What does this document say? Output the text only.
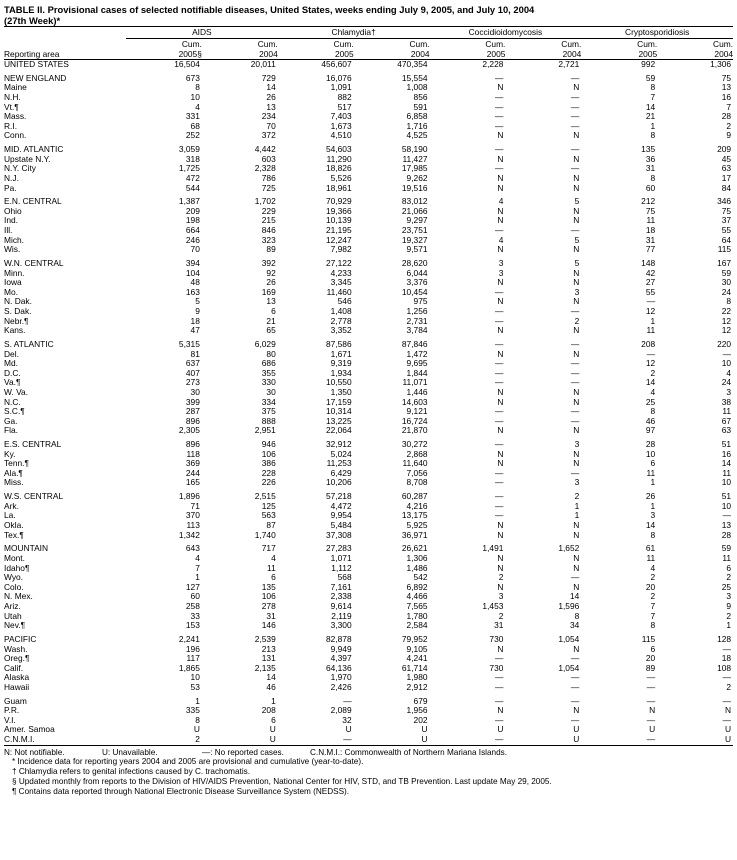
TABLE II. Provisional cases of selected notifiable diseases, United States, weeks ending July 9, 2005, and July 10, 2004
(27th Week)*
	AIDS		Chlamydia†		Coccidioidomycosis		Cryptosporidiosis	
	Cum.	Cum.	Cum.	Cum.	Cum.	Cum.	Cum.	Cum.
Reporting area	2005§	2004	2005	2004	2005	2004	2005	2004
UNITED STATES	16,504	20,011	456,607	470,354	2,228	2,721	992	1,306

NEW ENGLAND	673	729	16,076	15,554	—	—	59	75
Maine	8	14	1,091	1,008	N	N	8	13
N.H.	10	26	882	856	—	—	7	16
Vt.¶	4	13	517	591	—	—	14	7
Mass.	331	234	7,403	6,858	—	—	21	28
R.I.	68	70	1,673	1,716	—	—	1	2
Conn.	252	372	4,510	4,525	N	N	8	9

MID. ATLANTIC	3,059	4,442	54,603	58,190	—	—	135	209
Upstate N.Y.	318	603	11,290	11,427	N	N	36	45
N.Y. City	1,725	2,328	18,826	17,985	—	—	31	63
N.J.	472	786	5,526	9,262	N	N	8	17
Pa.	544	725	18,961	19,516	N	N	60	84

E.N. CENTRAL	1,387	1,702	70,929	83,012	4	5	212	346
Ohio	209	229	19,366	21,066	N	N	75	75
Ind.	198	215	10,139	9,297	N	N	11	37
Ill.	664	846	21,195	23,751	—	—	18	55
Mich.	246	323	12,247	19,327	4	5	31	64
Wis.	70	89	7,982	9,571	N	N	77	115

W.N. CENTRAL	394	392	27,122	28,620	3	5	148	167
Minn.	104	92	4,233	6,044	3	N	42	59
Iowa	48	26	3,345	3,376	N	N	27	30
Mo.	163	169	11,460	10,454	—	3	55	24
N. Dak.	5	13	546	975	N	N	—	8
S. Dak.	9	6	1,408	1,256	—	—	12	22
Nebr.¶	18	21	2,778	2,731	—	2	1	12
Kans.	47	65	3,352	3,784	N	N	11	12

S. ATLANTIC	5,315	6,029	87,586	87,846	—	—	208	220
Del.	81	80	1,671	1,472	N	N	—	—
Md.	637	686	9,319	9,695	—	—	12	10
D.C.	407	355	1,934	1,844	—	—	2	4
Va.¶	273	330	10,550	11,071	—	—	14	24
W. Va.	30	30	1,350	1,446	N	N	4	3
N.C.	399	334	17,159	14,603	N	N	25	38
S.C.¶	287	375	10,314	9,121	—	—	8	11
Ga.	896	888	13,225	16,724	—	—	46	67
Fla.	2,305	2,951	22,064	21,870	N	N	97	63

E.S. CENTRAL	896	946	32,912	30,272	—	3	28	51
Ky.	118	106	5,024	2,868	N	N	10	16
Tenn.¶	369	386	11,253	11,640	N	N	6	14
Ala.¶	244	228	6,429	7,056	—	—	11	11
Miss.	165	226	10,206	8,708	—	3	1	10

W.S. CENTRAL	1,896	2,515	57,218	60,287	—	2	26	51
Ark.	71	125	4,472	4,216	—	1	1	10
La.	370	563	9,954	13,175	—	1	3	—
Okla.	113	87	5,484	5,925	N	N	14	13
Tex.¶	1,342	1,740	37,308	36,971	N	N	8	28

MOUNTAIN	643	717	27,283	26,621	1,491	1,652	61	59
Mont.	4	4	1,071	1,306	N	N	11	11
Idaho¶	7	11	1,112	1,486	N	N	4	6
Wyo.	1	6	568	542	2	—	2	2
Colo.	127	135	7,161	6,892	N	N	20	25
N. Mex.	60	106	2,338	4,466	3	14	2	3
Ariz.	258	278	9,614	7,565	1,453	1,596	7	9
Utah	33	31	2,119	1,780	2	8	7	2
Nev.¶	153	146	3,300	2,584	31	34	8	1

PACIFIC	2,241	2,539	82,878	79,952	730	1,054	115	128
Wash.	196	213	9,949	9,105	N	N	6	—
Oreg.¶	117	131	4,397	4,241	—	—	20	18
Calif.	1,865	2,135	64,136	61,714	730	1,054	89	108
Alaska	10	14	1,970	1,980	—	—	—	—
Hawaii	53	46	2,426	2,912	—	—	—	2

Guam	1	1	—	679	—	—	—	—
P.R.	335	208	2,089	1,956	N	N	N	N
V.I.	8	6	32	202	—	—	—	—
Amer. Samoa	U	U	U	U	U	U	U	U
C.N.M.I.	2	U	—	U	—	U	—	U
N: Not notifiable.	U: Unavailable.	—: No reported cases.	C.N.M.I.: Commonwealth of Northern Mariana Islands.
* Incidence data for reporting years 2004 and 2005 are provisional and cumulative (year-to-date).
† Chlamydia refers to genital infections caused by C. trachomatis.
§ Updated monthly from reports to the Division of HIV/AIDS Prevention, National Center for HIV, STD, and TB Prevention. Last update May 29, 2005.
¶ Contains data reported through National Electronic Disease Surveillance System (NEDSS).
